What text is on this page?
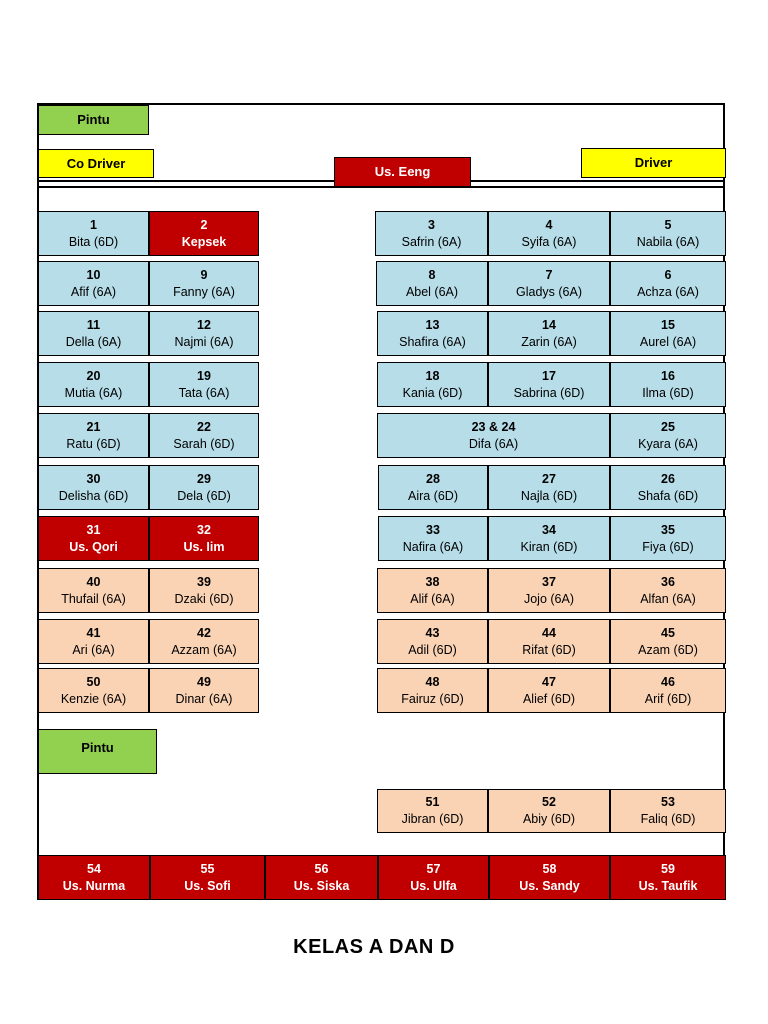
Pintu
Co Driver
Us. Eeng
Driver
1
Bita (6D)
2
Kepsek
3
Safrin (6A)
4
Syifa (6A)
5
Nabila (6A)
10
Afif (6A)
9
Fanny (6A)
8
Abel (6A)
7
Gladys (6A)
6
Achza (6A)
11
Della (6A)
12
Najmi (6A)
13
Shafira (6A)
14
Zarin (6A)
15
Aurel (6A)
20
Mutia (6A)
19
Tata (6A)
18
Kania (6D)
17
Sabrina (6D)
16
Ilma (6D)
21
Ratu (6D)
22
Sarah (6D)
23 & 24
Difa (6A)
25
Kyara (6A)
30
Delisha (6D)
29
Dela (6D)
28
Aira (6D)
27
Najla (6D)
26
Shafa (6D)
31
Us. Qori
32
Us. Iim
33
Nafira (6A)
34
Kiran (6D)
35
Fiya (6D)
40
Thufail (6A)
39
Dzaki (6D)
38
Alif (6A)
37
Jojo (6A)
36
Alfan (6A)
41
Ari (6A)
42
Azzam (6A)
43
Adil (6D)
44
Rifat (6D)
45
Azam (6D)
50
Kenzie (6A)
49
Dinar (6A)
48
Fairuz (6D)
47
Alief (6D)
46
Arif (6D)
Pintu
51
Jibran (6D)
52
Abiy (6D)
53
Faliq (6D)
54
Us. Nurma
55
Us. Sofi
56
Us. Siska
57
Us. Ulfa
58
Us. Sandy
59
Us. Taufik
KELAS A DAN D
